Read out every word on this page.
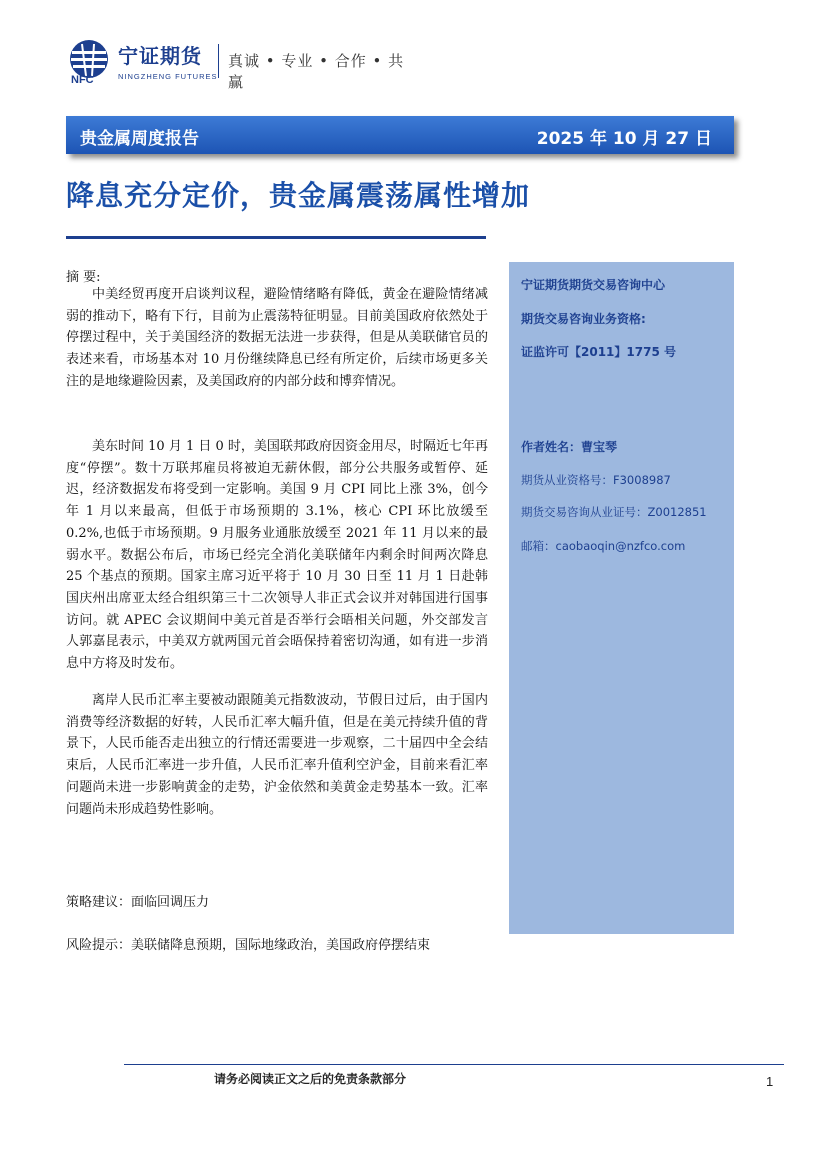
宁证期货
NFC	NINGZHENG FUTURES
真诚 • 专业 • 合作 • 共赢
贵金属周度报告	2025 年 10 月 27 日
降息充分定价，贵金属震荡属性增加
摘 要:

中美经贸再度开启谈判议程，避险情绪略有降低，黄金在避险情绪减弱的推动下，略有下行，目前为止震荡特征明显。目前美国政府依然处于停摆过程中，关于美国经济的数据无法进一步获得，但是从美联储官员的表述来看，市场基本对 10 月份继续降息已经有所定价，后续市场更多关注的是地缘避险因素，及美国政府的内部分歧和博弈情况。

美东时间 10 月 1 日 0 时，美国联邦政府因资金用尽，时隔近七年再度“停摆”。数十万联邦雇员将被迫无薪休假，部分公共服务或暂停、延迟，经济数据发布将受到一定影响。美国 9 月 CPI 同比上涨 3%，创今年 1 月以来最高，但低于市场预期的 3.1%，核心 CPI 环比放缓至 0.2%,也低于市场预期。9 月服务业通胀放缓至 2021 年 11 月以来的最弱水平。数据公布后，市场已经完全消化美联储年内剩余时间两次降息 25 个基点的预期。国家主席习近平将于 10 月 30 日至 11 月 1 日赴韩国庆州出席亚太经合组织第三十二次领导人非正式会议并对韩国进行国事访问。就 APEC 会议期间中美元首是否举行会晤相关问题，外交部发言人郭嘉昆表示，中美双方就两国元首会晤保持着密切沟通，如有进一步消息中方将及时发布。

离岸人民币汇率主要被动跟随美元指数波动，节假日过后，由于国内消费等经济数据的好转，人民币汇率大幅升值，但是在美元持续升值的背景下，人民币能否走出独立的行情还需要进一步观察，二十届四中全会结束后，人民币汇率进一步升值，人民币汇率升值利空沪金，目前来看汇率问题尚未进一步影响黄金的走势，沪金依然和美黄金走势基本一致。汇率问题尚未形成趋势性影响。

策略建议：面临回调压力
风险提示：美联储降息预期，国际地缘政治，美国政府停摆结束
宁证期货期货交易咨询中心
期货交易咨询业务资格:
证监许可【2011】1775 号
作者姓名：曹宝琴
期货从业资格号：F3008987
期货交易咨询从业证号：Z0012851
邮箱：caobaoqin@nzfco.com
请务必阅读正文之后的免责条款部分	1
